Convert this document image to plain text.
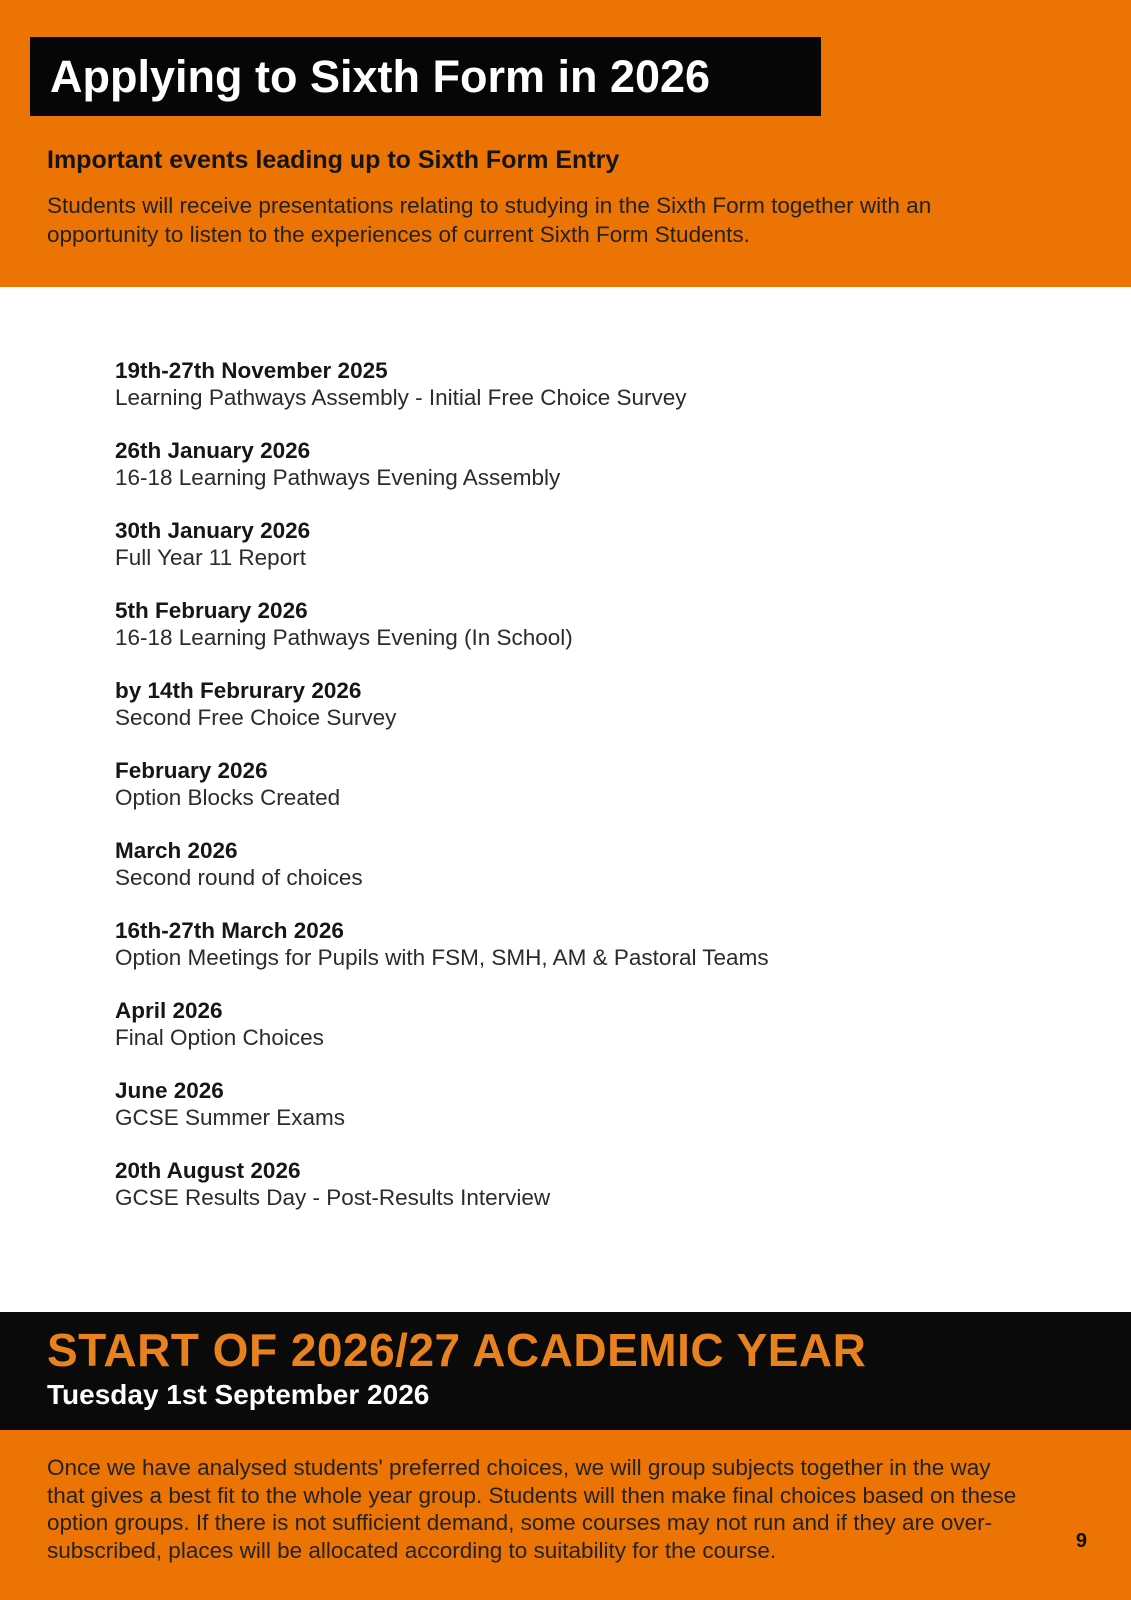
Applying to Sixth Form in 2026
Important events leading up to Sixth Form Entry

Students will receive presentations relating to studying in the Sixth Form together with an opportunity to listen to the experiences of current Sixth Form Students.

19th-27th November 2025
Learning Pathways Assembly - Initial Free Choice Survey
26th January 2026
16-18 Learning Pathways Evening Assembly
30th January 2026
Full Year 11 Report
5th February 2026
16-18 Learning Pathways Evening (In School)
by 14th Februrary 2026
Second Free Choice Survey
February 2026
Option Blocks Created
March 2026
Second round of choices
16th-27th March 2026
Option Meetings for Pupils with FSM, SMH, AM & Pastoral Teams
April 2026
Final Option Choices
June 2026
GCSE Summer Exams
20th August 2026
GCSE Results Day - Post-Results Interview
START OF 2026/27 ACADEMIC YEAR
Tuesday 1st September 2026

Once we have analysed students' preferred choices, we will group subjects together in the way that gives a best fit to the whole year group. Students will then make final choices based on these option groups. If there is not sufficient demand, some courses may not run and if they are over-subscribed, places will be allocated according to suitability for the course.	9
